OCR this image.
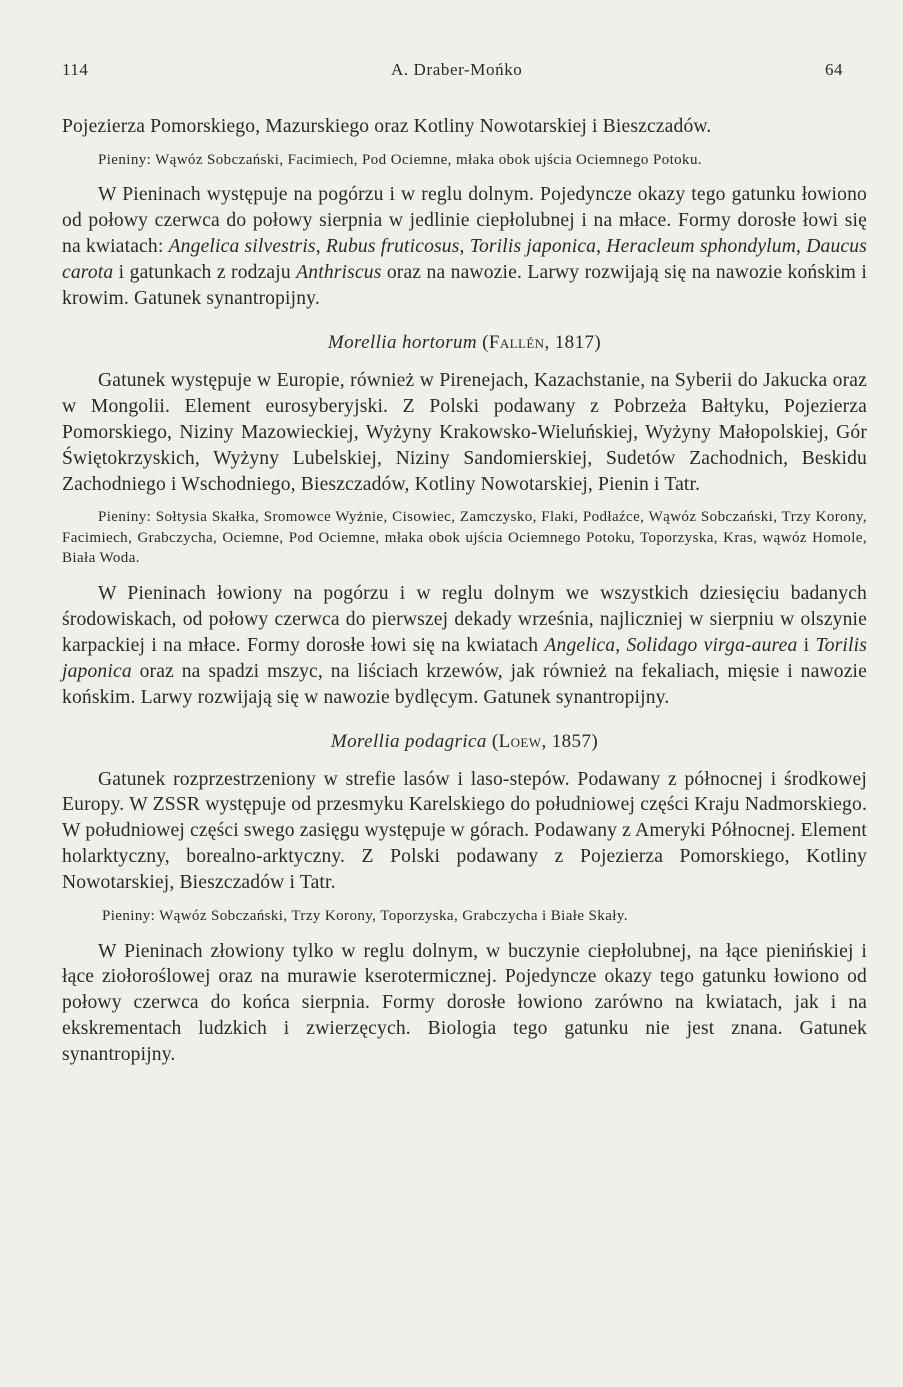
114	A. Draber-Mońko	64

Pojezierza Pomorskiego, Mazurskiego oraz Kotliny Nowotarskiej i Bieszczadów.

Pieniny: Wąwóz Sobczański, Facimiech, Pod Ociemne, młaka obok ujścia Ociemnego Potoku.

W Pieninach występuje na pogórzu i w reglu dolnym. Pojedyncze okazy tego gatunku łowiono od połowy czerwca do połowy sierpnia w jedlinie ciepłolubnej i na młace. Formy dorosłe łowi się na kwiatach: Angelica silvestris, Rubus fruticosus, Torilis japonica, Heracleum sphondylum, Daucus carota i gatunkach z rodzaju Anthriscus oraz na nawozie. Larwy rozwijają się na nawozie końskim i krowim. Gatunek synantropijny.

Morellia hortorum (Fallén, 1817)

Gatunek występuje w Europie, również w Pirenejach, Kazachstanie, na Syberii do Jakucka oraz w Mongolii. Element eurosyberyjski. Z Polski podawany z Pobrzeża Bałtyku, Pojezierza Pomorskiego, Niziny Mazowieckiej, Wyżyny Krakowsko-Wieluńskiej, Wyżyny Małopolskiej, Gór Świętokrzyskich, Wyżyny Lubelskiej, Niziny Sandomierskiej, Sudetów Zachodnich, Beskidu Zachodniego i Wschodniego, Bieszczadów, Kotliny Nowotarskiej, Pienin i Tatr.

Pieniny: Sołtysia Skałka, Sromowce Wyżnie, Cisowiec, Zamczysko, Flaki, Podłaźce, Wąwóz Sobczański, Trzy Korony, Facimiech, Grabczycha, Ociemne, Pod Ociemne, młaka obok ujścia Ociemnego Potoku, Toporzyska, Kras, wąwóz Homole, Biała Woda.

W Pieninach łowiony na pogórzu i w reglu dolnym we wszystkich dziesięciu badanych środowiskach, od połowy czerwca do pierwszej dekady września, najliczniej w sierpniu w olszynie karpackiej i na młace. Formy dorosłe łowi się na kwiatach Angelica, Solidago virga-aurea i Torilis japonica oraz na spadzi mszyc, na liściach krzewów, jak również na fekaliach, mięsie i nawozie końskim. Larwy rozwijają się w nawozie bydlęcym. Gatunek synantropijny.

Morellia podagrica (Loew, 1857)

Gatunek rozprzestrzeniony w strefie lasów i laso-stepów. Podawany z północnej i środkowej Europy. W ZSSR występuje od przesmyku Karelskiego do południowej części Kraju Nadmorskiego. W południowej części swego zasięgu występuje w górach. Podawany z Ameryki Północnej. Element holarktyczny, borealno-arktyczny. Z Polski podawany z Pojezierza Pomorskiego, Kotliny Nowotarskiej, Bieszczadów i Tatr.

Pieniny: Wąwóz Sobczański, Trzy Korony, Toporzyska, Grabczycha i Białe Skały.

W Pieninach złowiony tylko w reglu dolnym, w buczynie ciepłolubnej, na łące pienińskiej i łące ziołoroślowej oraz na murawie kserotermicznej. Pojedyncze okazy tego gatunku łowiono od połowy czerwca do końca sierpnia. Formy dorosłe łowiono zarówno na kwiatach, jak i na ekskrementach ludzkich i zwierzęcych. Biologia tego gatunku nie jest znana. Gatunek synantropijny.
